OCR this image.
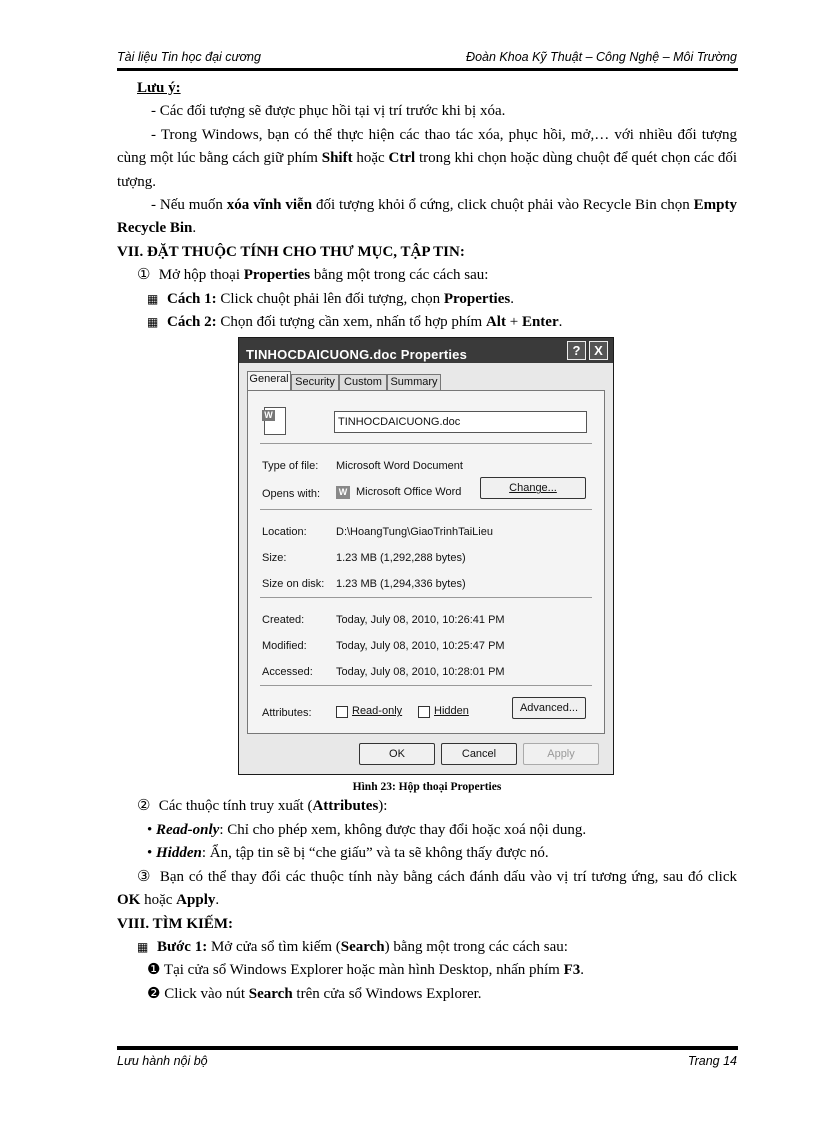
Tài liệu Tin học đại cương	Đoàn Khoa Kỹ Thuật – Công Nghệ – Môi Trường

Lưu ý:

- Các đối tượng sẽ được phục hồi tại vị trí trước khi bị xóa.

- Trong Windows, bạn có thể thực hiện các thao tác xóa, phục hồi, mở,… với nhiều đối tượng cùng một lúc bằng cách giữ phím Shift hoặc Ctrl trong khi chọn hoặc dùng chuột để quét chọn các đối tượng.

- Nếu muốn xóa vĩnh viễn đối tượng khỏi ổ cứng, click chuột phải vào Recycle Bin chọn Empty Recycle Bin.

VII. ĐẶT THUỘC TÍNH CHO THƯ MỤC, TẬP TIN:

① Mở hộp thoại Properties bằng một trong các cách sau:

▦ Cách 1: Click chuột phải lên đối tượng, chọn Properties.

▦ Cách 2: Chọn đối tượng cần xem, nhấn tổ hợp phím Alt + Enter.

TINHOCDAICUONG.doc Properties	?	X
General Security Custom Summary
W
TINHOCDAICUONG.doc
Type of file: Microsoft Word Document
Opens with:	W Microsoft Office Word	Change...
Location:	D:\HoangTung\GiaoTrinhTaiLieu
Size:	1.23 MB (1,292,288 bytes)
Size on disk: 1.23 MB (1,294,336 bytes)
Created:	Today, July 08, 2010, 10:26:41 PM
Modified:	Today, July 08, 2010, 10:25:47 PM
Accessed: Today, July 08, 2010, 10:28:01 PM
Attributes:	Read-only	Hidden	Advanced...
OK	Cancel	Apply

Hình 23: Hộp thoại Properties

② Các thuộc tính truy xuất (Attributes):

• Read-only: Chỉ cho phép xem, không được thay đổi hoặc xoá nội dung.

• Hidden: Ẩn, tập tin sẽ bị “che giấu” và ta sẽ không thấy được nó.

③ Bạn có thể thay đổi các thuộc tính này bằng cách đánh dấu vào vị trí tương ứng, sau đó click OK hoặc Apply.

VIII. TÌM KIẾM:

▦ Bước 1: Mở cửa sổ tìm kiếm (Search) bằng một trong các cách sau:

❶ Tại cửa sổ Windows Explorer hoặc màn hình Desktop, nhấn phím F3.

❷ Click vào nút Search trên cửa sổ Windows Explorer.

Lưu hành nội bộ	Trang 14
